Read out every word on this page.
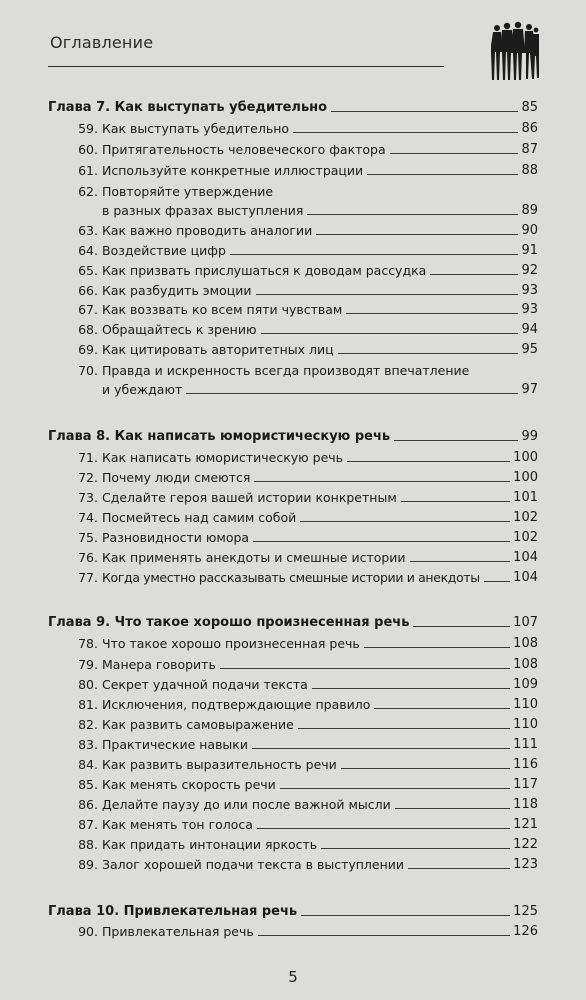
Оглавление
Глава 7. Как выступать убедительно	85
59. Как выступать убедительно	86
60. Притягательность человеческого фактора	87
61. Используйте конкретные иллюстрации	88
62. Повторяйте утверждение
в разных фразах выступления	89
63. Как важно проводить аналогии	90
64. Воздействие цифр	91
65. Как призвать прислушаться к доводам рассудка	92
66. Как разбудить эмоции	93
67. Как воззвать ко всем пяти чувствам	93
68. Обращайтесь к зрению	94
69. Как цитировать авторитетных лиц	95
70. Правда и искренность всегда производят впечатление
и убеждают	97
Глава 8. Как написать юмористическую речь	99
71. Как написать юмористическую речь	100
72. Почему люди смеются	100
73. Сделайте героя вашей истории конкретным	101
74. Посмейтесь над самим собой	102
75. Разновидности юмора	102
76. Как применять анекдоты и смешные истории	104
77. Когда уместно рассказывать смешные истории и анекдоты	104
Глава 9. Что такое хорошо произнесенная речь	107
78. Что такое хорошо произнесенная речь	108
79. Манера говорить	108
80. Секрет удачной подачи текста	109
81. Исключения, подтверждающие правило	110
82. Как развить самовыражение	110
83. Практические навыки	111
84. Как развить выразительность речи	116
85. Как менять скорость речи	117
86. Делайте паузу до или после важной мысли	118
87. Как менять тон голоса	121
88. Как придать интонации яркость	122
89. Залог хорошей подачи текста в выступлении	123
Глава 10. Привлекательная речь	125
90. Привлекательная речь	126
5
